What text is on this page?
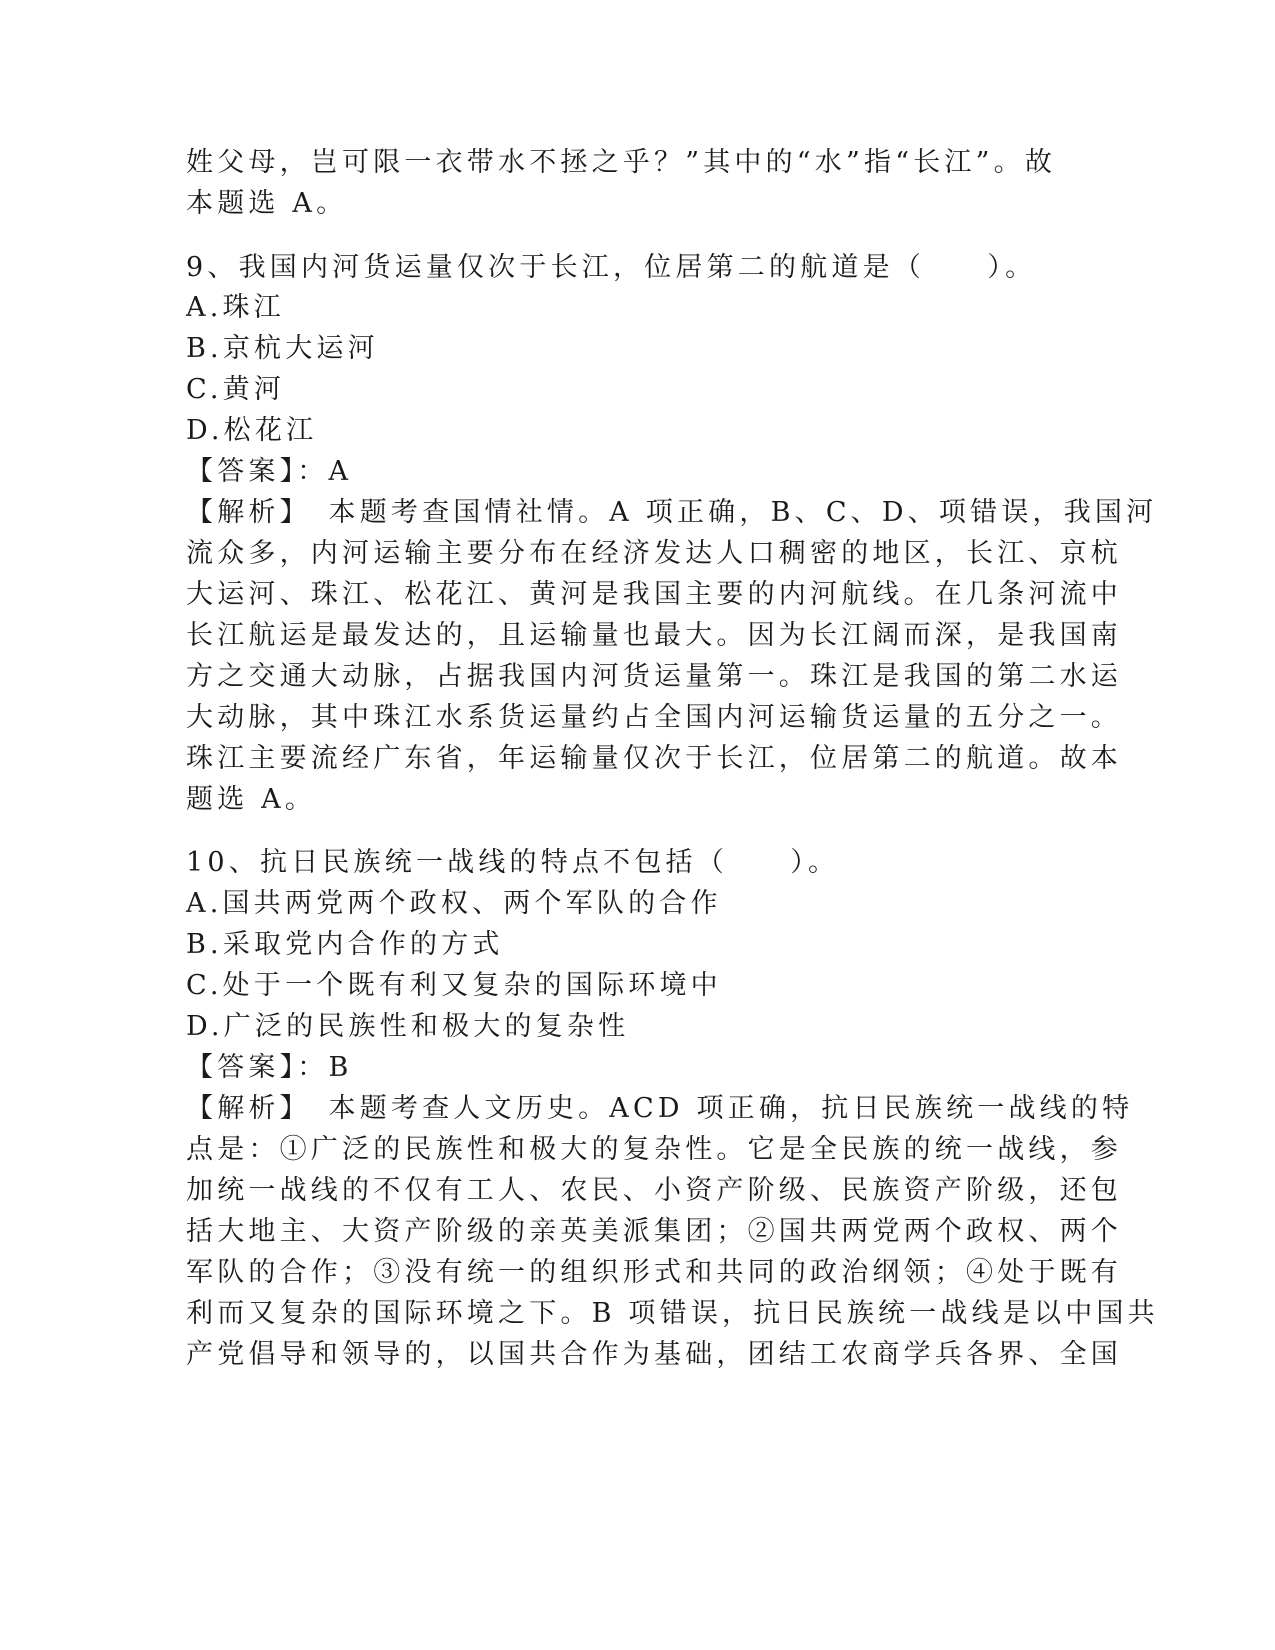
姓父母，岂可限一衣带水不拯之乎？”其中的“水”指“长江”。故
本题选 A。
9、我国内河货运量仅次于长江，位居第二的航道是（　　）。
A.珠江
B.京杭大运河
C.黄河
D.松花江
【答案】：A
【解析】　本题考查国情社情。A 项正确，B、C、D、项错误，我国河
流众多，内河运输主要分布在经济发达人口稠密的地区，长江、京杭
大运河、珠江、松花江、黄河是我国主要的内河航线。在几条河流中
长江航运是最发达的，且运输量也最大。因为长江阔而深，是我国南
方之交通大动脉，占据我国内河货运量第一。珠江是我国的第二水运
大动脉，其中珠江水系货运量约占全国内河运输货运量的五分之一。
珠江主要流经广东省，年运输量仅次于长江，位居第二的航道。故本
题选 A。
10、抗日民族统一战线的特点不包括（　　）。
A.国共两党两个政权、两个军队的合作
B.采取党内合作的方式
C.处于一个既有利又复杂的国际环境中
D.广泛的民族性和极大的复杂性
【答案】：B
【解析】　本题考查人文历史。ACD 项正确，抗日民族统一战线的特
点是：①广泛的民族性和极大的复杂性。它是全民族的统一战线，参
加统一战线的不仅有工人、农民、小资产阶级、民族资产阶级，还包
括大地主、大资产阶级的亲英美派集团；②国共两党两个政权、两个
军队的合作；③没有统一的组织形式和共同的政治纲领；④处于既有
利而又复杂的国际环境之下。B 项错误，抗日民族统一战线是以中国共
产党倡导和领导的，以国共合作为基础，团结工农商学兵各界、全国
